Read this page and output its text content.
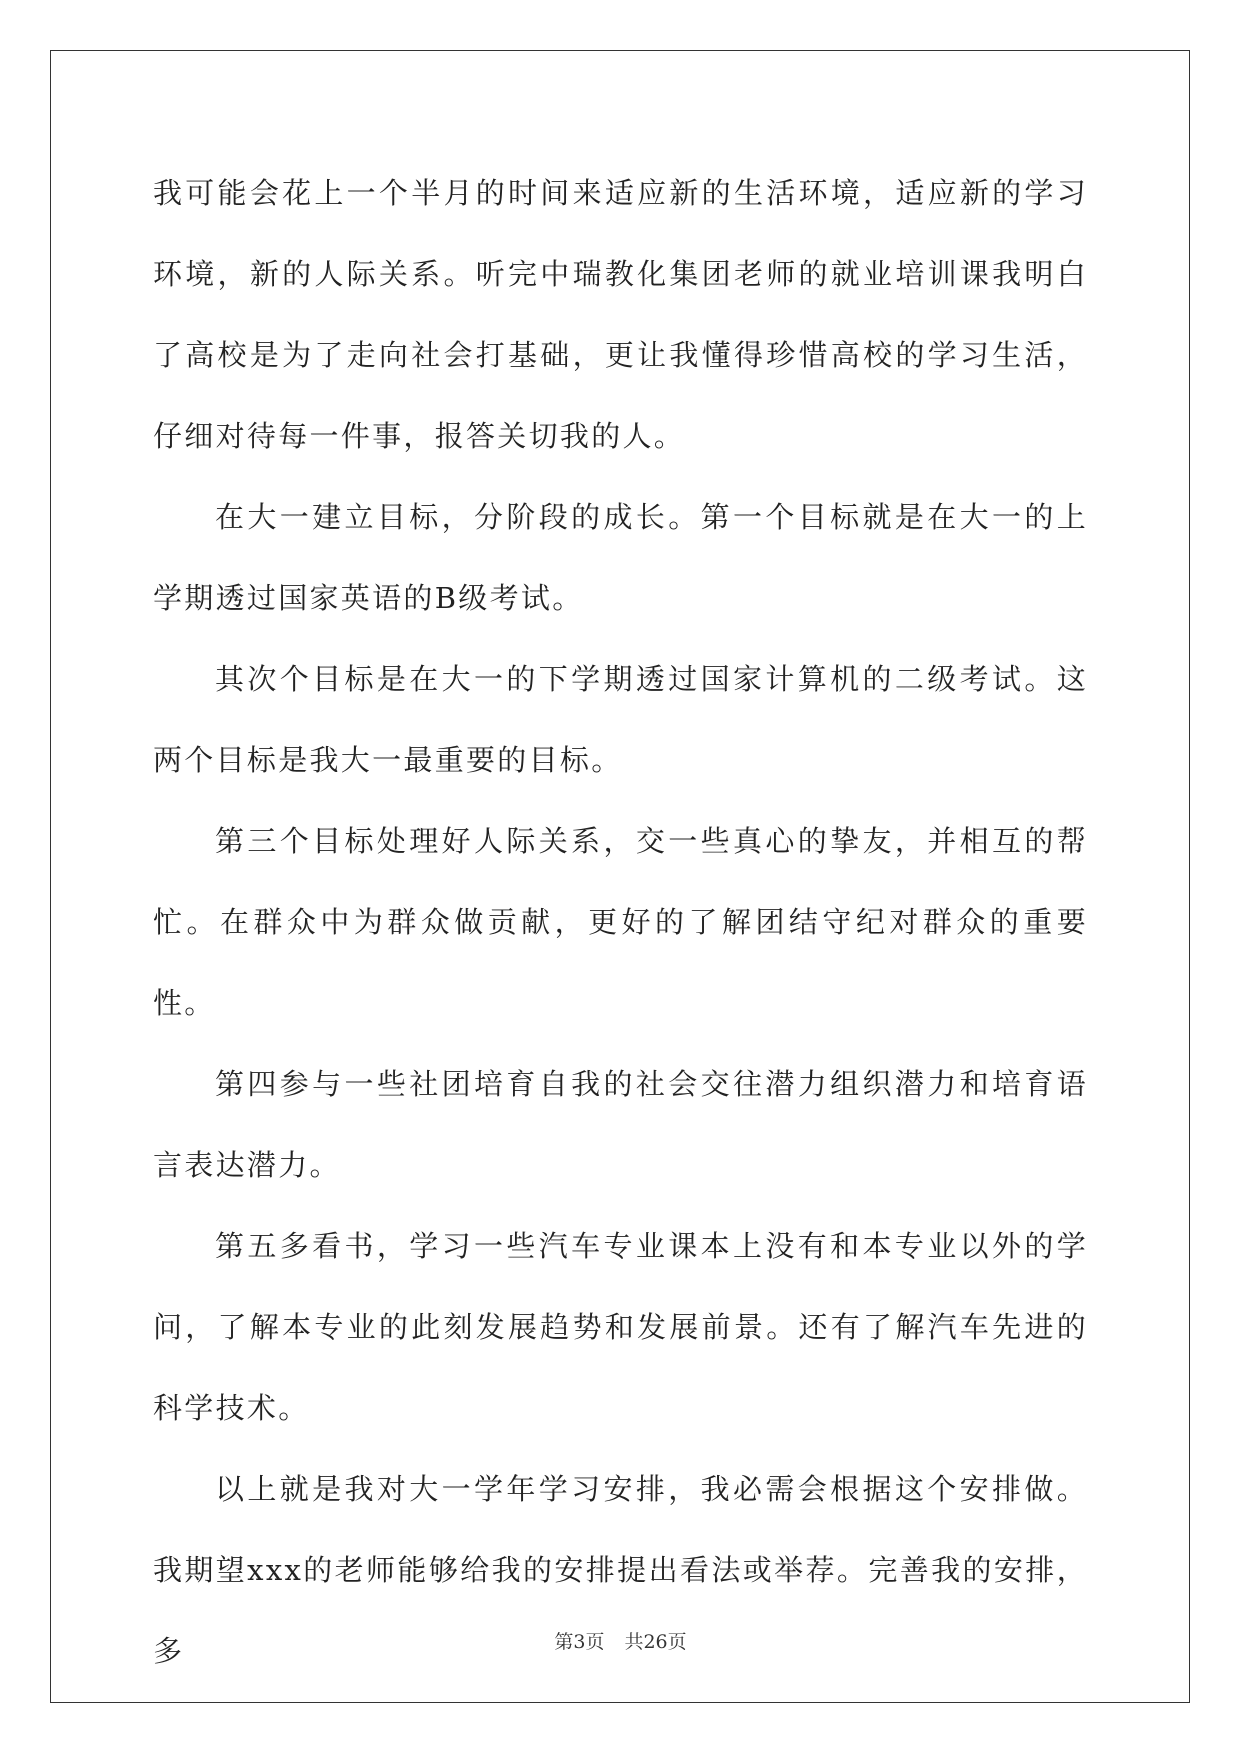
我可能会花上一个半月的时间来适应新的生活环境，适应新的学习环境，新的人际关系。听完中瑞教化集团老师的就业培训课我明白了高校是为了走向社会打基础，更让我懂得珍惜高校的学习生活，仔细对待每一件事，报答关切我的人。

在大一建立目标，分阶段的成长。第一个目标就是在大一的上学期透过国家英语的B级考试。

其次个目标是在大一的下学期透过国家计算机的二级考试。这两个目标是我大一最重要的目标。

第三个目标处理好人际关系，交一些真心的挚友，并相互的帮忙。在群众中为群众做贡献，更好的了解团结守纪对群众的重要性。

第四参与一些社团培育自我的社会交往潜力组织潜力和培育语言表达潜力。

第五多看书，学习一些汽车专业课本上没有和本专业以外的学问，了解本专业的此刻发展趋势和发展前景。还有了解汽车先进的科学技术。

以上就是我对大一学年学习安排，我必需会根据这个安排做。我期望xxx的老师能够给我的安排提出看法或举荐。完善我的安排，多	第3页 共26页
